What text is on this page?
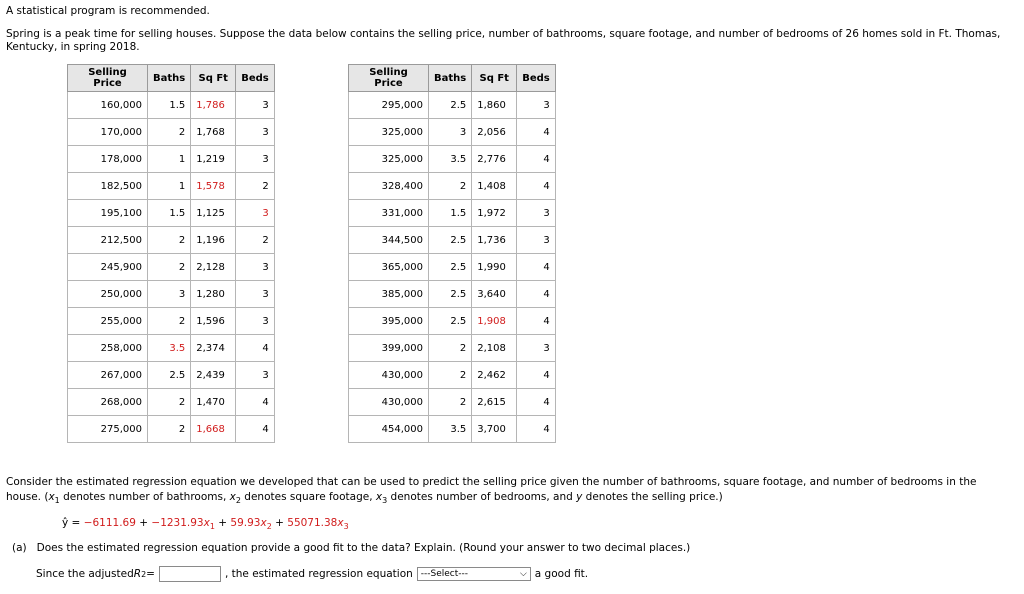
A statistical program is recommended.
Spring is a peak time for selling houses. Suppose the data below contains the selling price, number of bathrooms, square footage, and number of bedrooms of 26 homes sold in Ft. Thomas, Kentucky, in spring 2018.
Selling Price	Baths	Sq Ft	Beds
160,000	1.5	1,786	3
170,000	2	1,768	3
178,000	1	1,219	3
182,500	1	1,578	2
195,100	1.5	1,125	3
212,500	2	1,196	2
245,900	2	2,128	3
250,000	3	1,280	3
255,000	2	1,596	3
258,000	3.5	2,374	4
267,000	2.5	2,439	3
268,000	2	1,470	4
275,000	2	1,668	4
Selling Price	Baths	Sq Ft	Beds
295,000	2.5	1,860	3
325,000	3	2,056	4
325,000	3.5	2,776	4
328,400	2	1,408	4
331,000	1.5	1,972	3
344,500	2.5	1,736	3
365,000	2.5	1,990	4
385,000	2.5	3,640	4
395,000	2.5	1,908	4
399,000	2	2,108	3
430,000	2	2,462	4
430,000	2	2,615	4
454,000	3.5	3,700	4
Consider the estimated regression equation we developed that can be used to predict the selling price given the number of bathrooms, square footage, and number of bedrooms in the house. ($x_1$ denotes number of bathrooms, $x_2$ denotes square footage, $x_3$ denotes number of bedrooms, and y denotes the selling price.)
ŷ = $-6111.69 + -1231.93x_1 + 59.93x_2 + 55071.38x_3$
(a) Does the estimated regression equation provide a good fit to the data? Explain. (Round your answer to two decimal places.)
Since the adjusted R 2 =	, the estimated regression equation ---Select---	⌵ a good fit.
